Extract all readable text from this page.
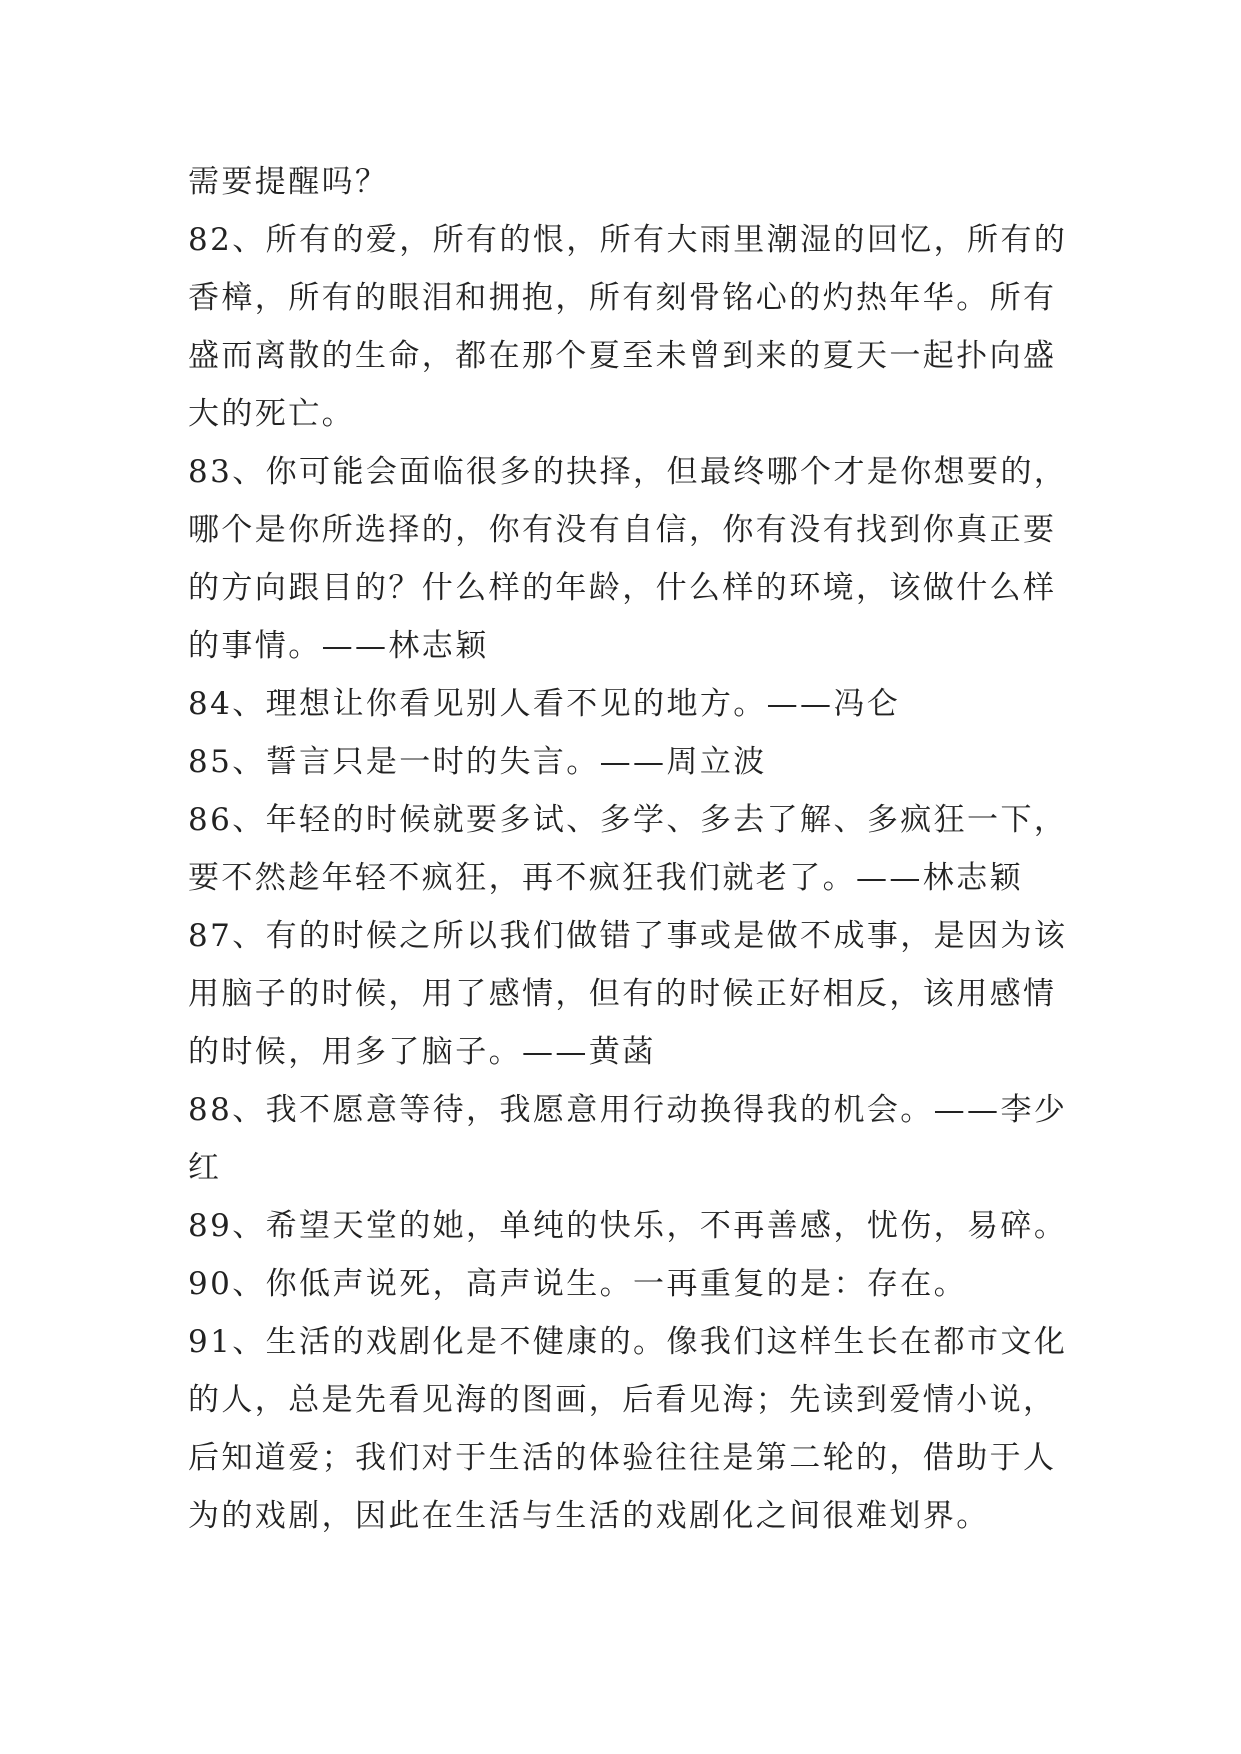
需要提醒吗？
82、所有的爱，所有的恨，所有大雨里潮湿的回忆，所有的
香樟，所有的眼泪和拥抱，所有刻骨铭心的灼热年华。所有
盛而离散的生命，都在那个夏至未曾到来的夏天一起扑向盛
大的死亡。
83、你可能会面临很多的抉择，但最终哪个才是你想要的，
哪个是你所选择的，你有没有自信，你有没有找到你真正要
的方向跟目的？什么样的年龄，什么样的环境，该做什么样
的事情。——林志颖
84、理想让你看见别人看不见的地方。——冯仑
85、誓言只是一时的失言。——周立波
86、年轻的时候就要多试、多学、多去了解、多疯狂一下，
要不然趁年轻不疯狂，再不疯狂我们就老了。——林志颖
87、有的时候之所以我们做错了事或是做不成事，是因为该
用脑子的时候，用了感情，但有的时候正好相反，该用感情
的时候，用多了脑子。——黄菡
88、我不愿意等待，我愿意用行动换得我的机会。——李少
红
89、希望天堂的她，单纯的快乐，不再善感，忧伤，易碎。
90、你低声说死，高声说生。一再重复的是：存在。
91、生活的戏剧化是不健康的。像我们这样生长在都市文化
的人，总是先看见海的图画，后看见海；先读到爱情小说，
后知道爱；我们对于生活的体验往往是第二轮的，借助于人
为的戏剧，因此在生活与生活的戏剧化之间很难划界。
